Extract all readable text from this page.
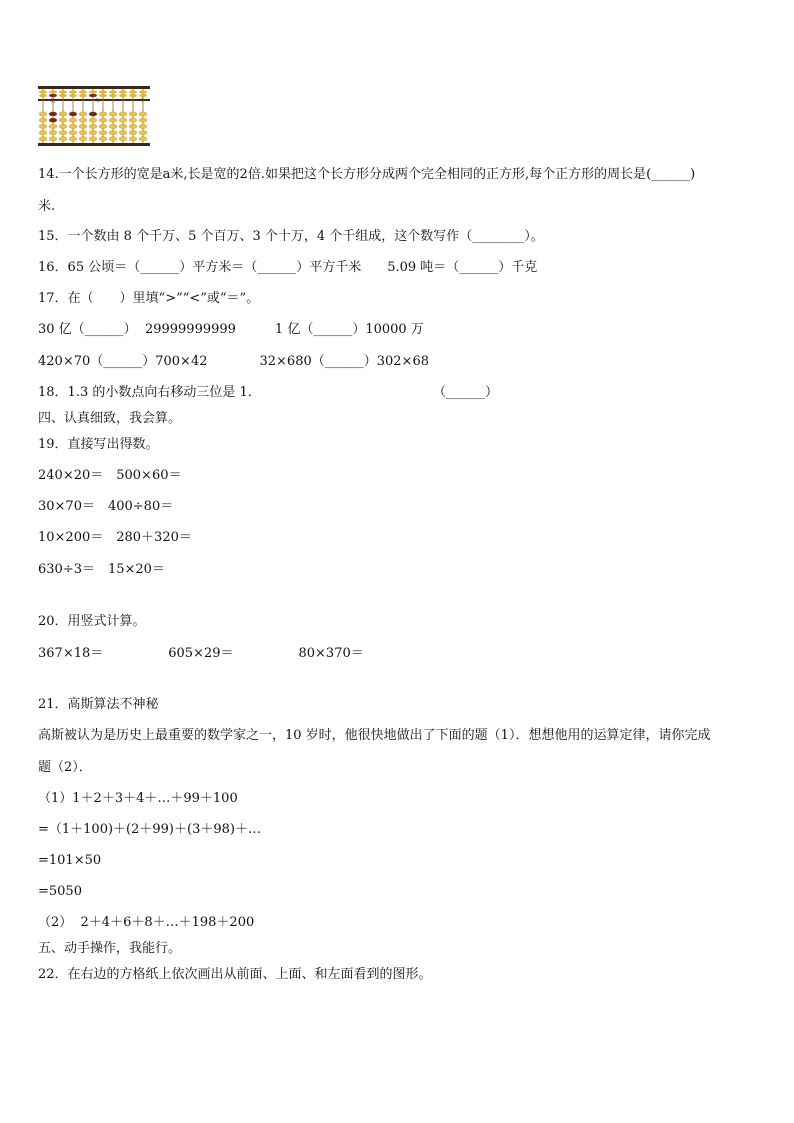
亿	万	个
14.一个长方形的宽是a米,长是宽的2倍.如果把这个长方形分成两个完全相同的正方形,每个正方形的周长是(______)
米.
15．一个数由 8 个千万、5 个百万、3 个十万，4 个千组成，这个数写作（________）。
16．65 公顷＝（______）平方米＝（______）平方千米　　5.09 吨＝（______）千克
17．在（　　）里填“>”“<”或“＝”。
30 亿（______）  29999999999　　　1 亿（______）10000 万
420×70（______）700×42　　　　32×680（______）302×68
18．1.3 的小数点向右移动三位是 1．	（______）
四、认真细致，我会算。
19．直接写出得数。
240×20＝　500×60＝
30×70＝　400÷80＝
10×200＝　280＋320＝
630÷3＝　15×20＝
20．用竖式计算。
367×18＝　　　　　605×29＝　　　　　80×370＝
21．高斯算法不神秘
高斯被认为是历史上最重要的数学家之一，10 岁时，他很快地做出了下面的题（1）．想想他用的运算定律，请你完成
题（2）．
（1）1＋2＋3＋4＋…＋99＋100
=（1＋100)＋(2＋99)＋(3＋98)＋…
=101×50
=5050
（2）  2＋4＋6＋8＋…＋198＋200
五、动手操作，我能行。
22．在右边的方格纸上依次画出从前面、上面、和左面看到的图形。
